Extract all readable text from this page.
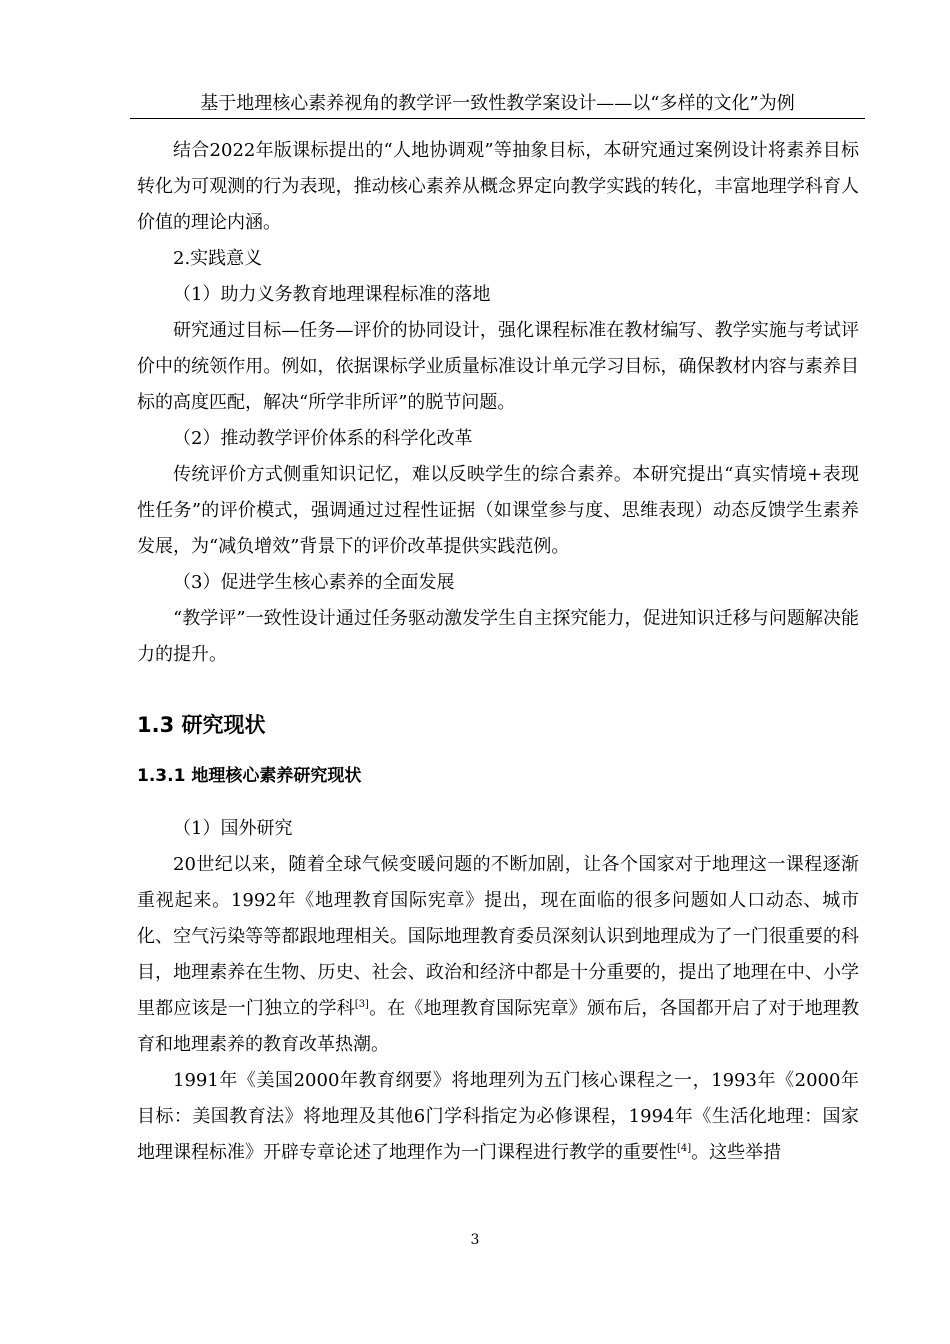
基于地理核心素养视角的教学评一致性教学案设计——以“多样的文化”为例

结合2022年版课标提出的“人地协调观”等抽象目标，本研究通过案例设计将素养目标转化为可观测的行为表现，推动核心素养从概念界定向教学实践的转化，丰富地理学科育人价值的理论内涵。

2.实践意义

（1）助力义务教育地理课程标准的落地

研究通过目标—任务—评价的协同设计，强化课程标准在教材编写、教学实施与考试评价中的统领作用。例如，依据课标学业质量标准设计单元学习目标，确保教材内容与素养目标的高度匹配，解决“所学非所评”的脱节问题。

（2）推动教学评价体系的科学化改革

传统评价方式侧重知识记忆，难以反映学生的综合素养。本研究提出“真实情境+表现性任务”的评价模式，强调通过过程性证据（如课堂参与度、思维表现）动态反馈学生素养发展，为“减负增效”背景下的评价改革提供实践范例。

（3）促进学生核心素养的全面发展

“教学评”一致性设计通过任务驱动激发学生自主探究能力，促进知识迁移与问题解决能力的提升。

1.3 研究现状
1.3.1 地理核心素养研究现状

（1）国外研究

20世纪以来，随着全球气候变暖问题的不断加剧，让各个国家对于地理这一课程逐渐重视起来。1992年《地理教育国际宪章》提出，现在面临的很多问题如人口动态、城市化、空气污染等等都跟地理相关。国际地理教育委员深刻认识到地理成为了一门很重要的科目，地理素养在生物、历史、社会、政治和经济中都是十分重要的，提出了地理在中、小学里都应该是一门独立的学科[3]。在《地理教育国际宪章》颁布后，各国都开启了对于地理教育和地理素养的教育改革热潮。

1991年《美国2000年教育纲要》将地理列为五门核心课程之一，1993年《2000年目标：美国教育法》将地理及其他6门学科指定为必修课程，1994年《生活化地理：国家地理课程标准》开辟专章论述了地理作为一门课程进行教学的重要性[4]。这些举措

3
